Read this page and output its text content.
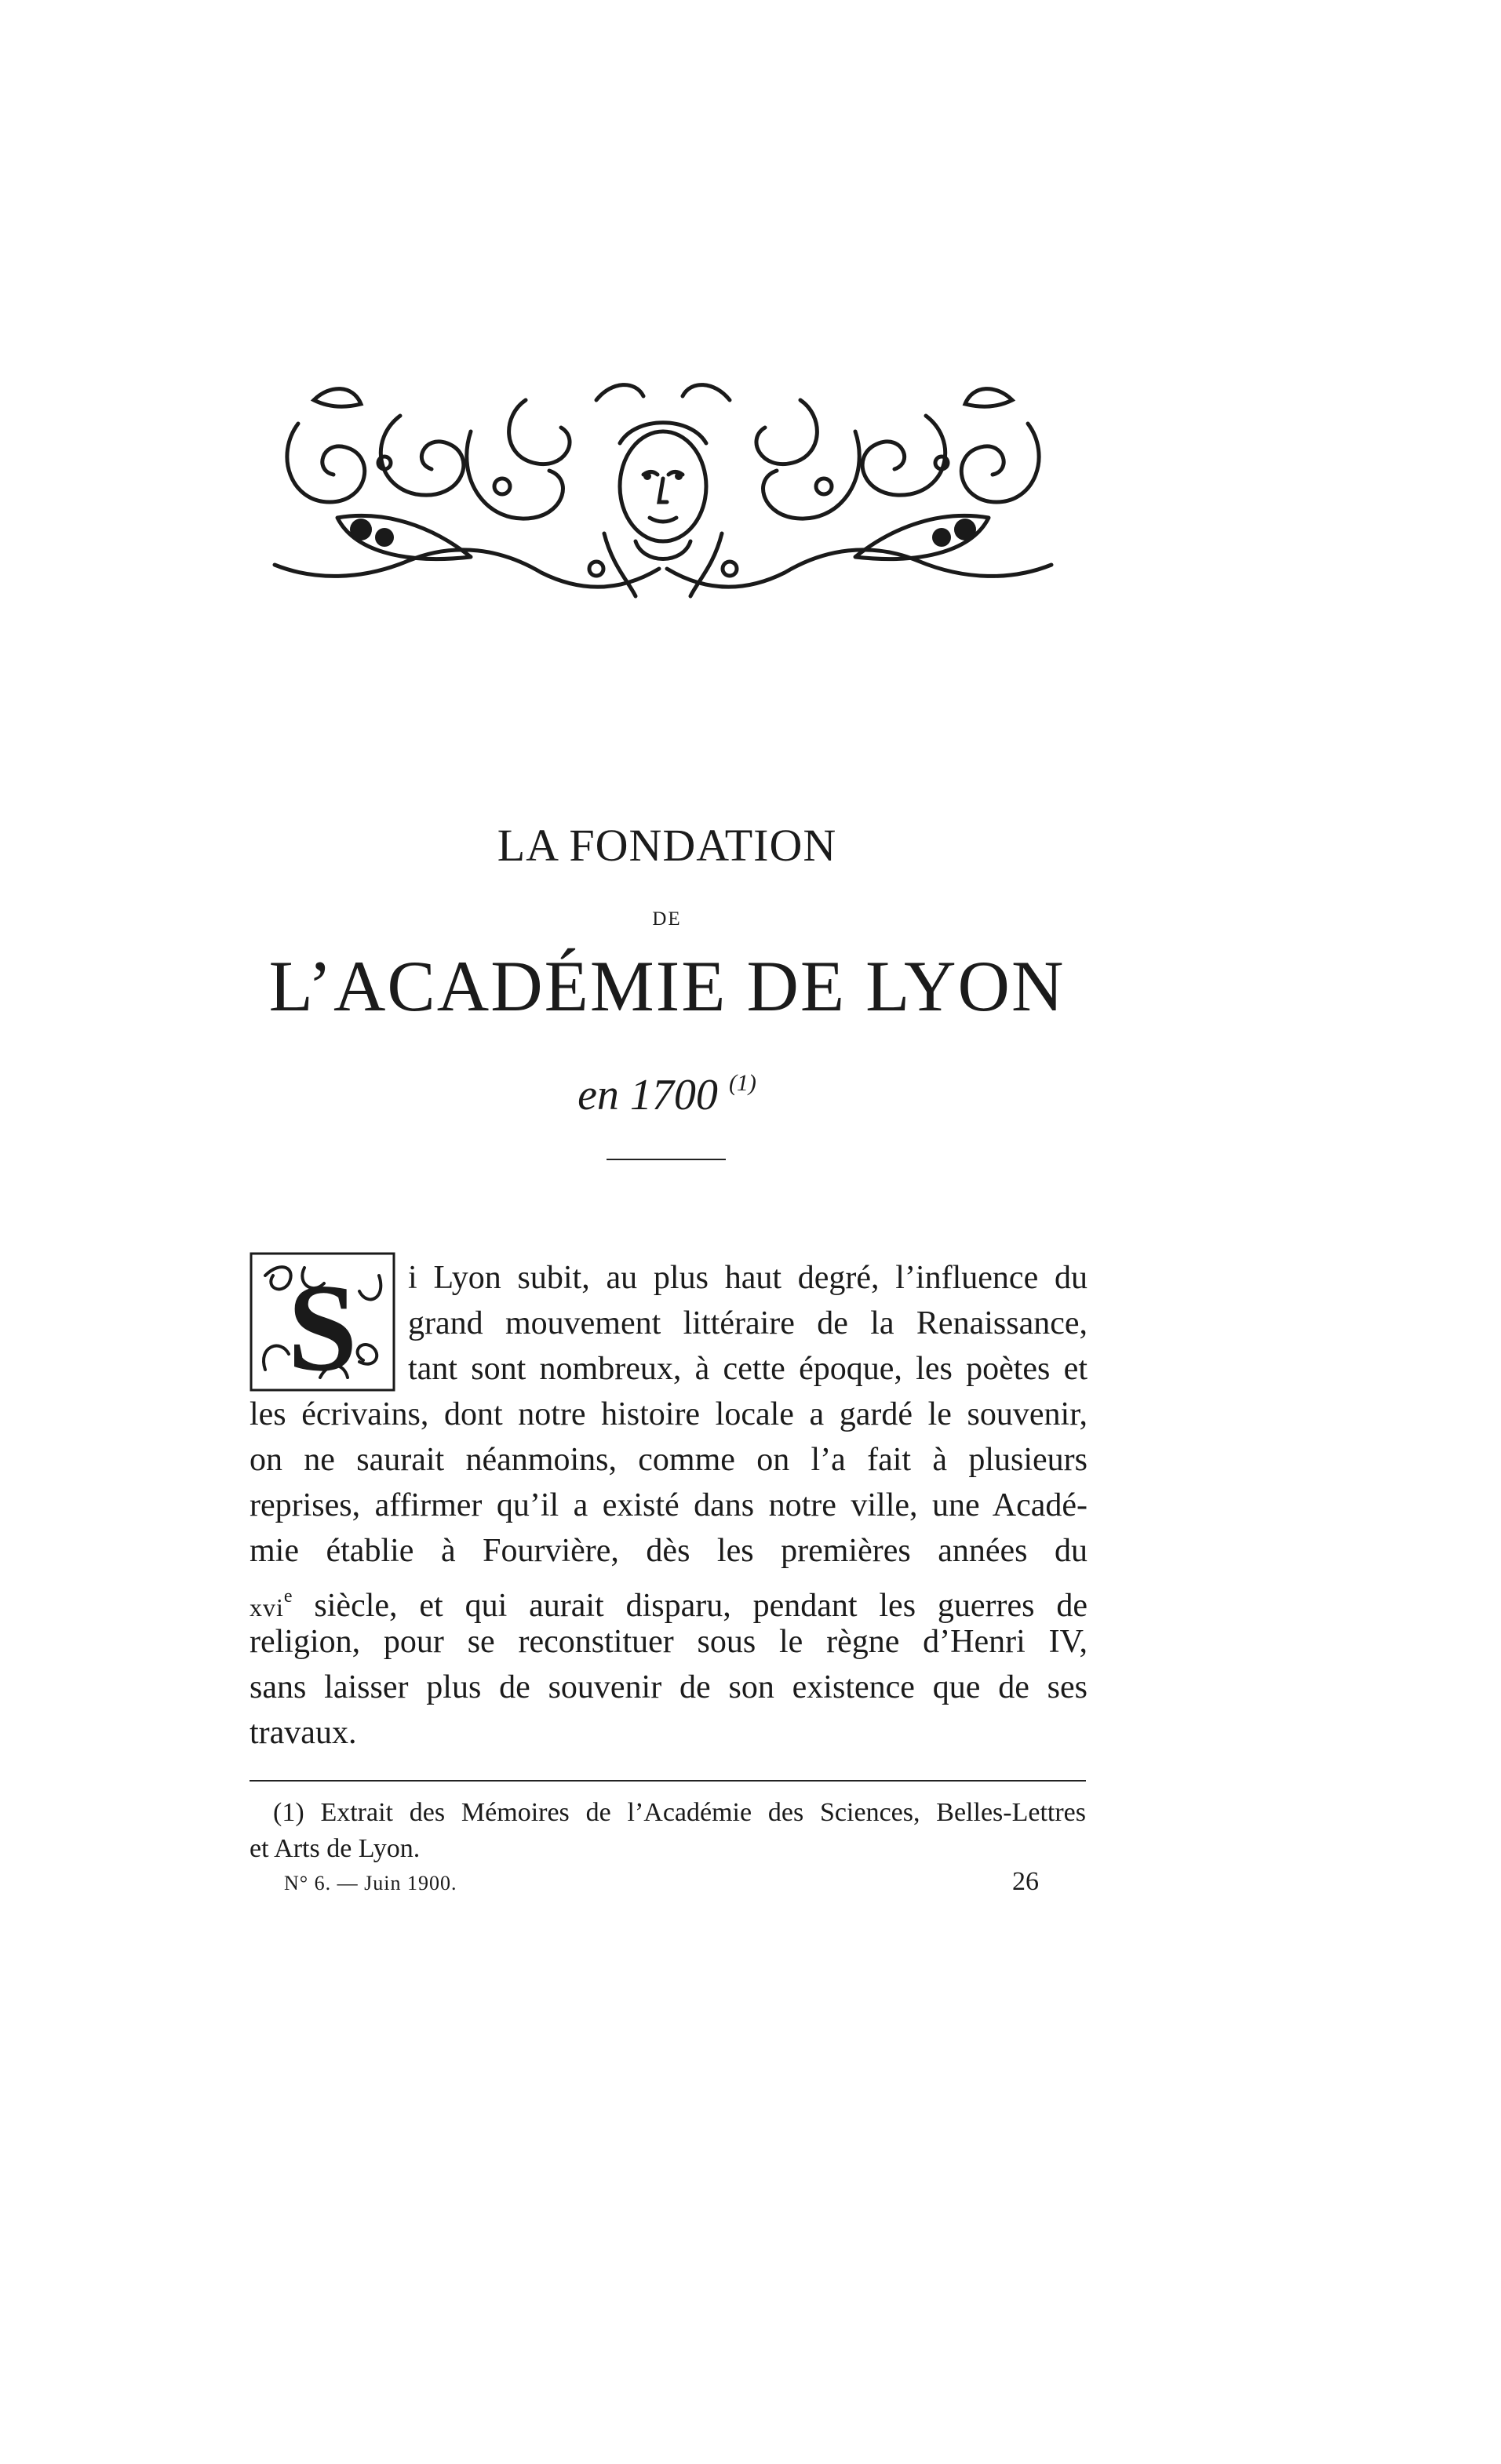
LA FONDATION
DE
L’ACADÉMIE DE LYON
en 1700 $^{(1)}$
S i Lyon subit, au plus haut degré, l’influence du
grand mouvement littéraire de la Renaissance,
tant sont nombreux, à cette époque, les poètes et
les écrivains, dont notre histoire locale a gardé le souvenir,
on ne saurait néanmoins, comme on l’a fait à plusieurs
reprises, affirmer qu’il a existé dans notre ville, une Acadé-
mie établie à Fourvière, dès les premières années du
xvi$^e$ siècle, et qui aurait disparu, pendant les guerres de
religion, pour se reconstituer sous le règne d’Henri IV,
sans laisser plus de souvenir de son existence que de ses
travaux.
(1) Extrait des Mémoires de l’Académie des Sciences, Belles-Lettres
et Arts de Lyon.
N° 6. — Juin 1900.	26
